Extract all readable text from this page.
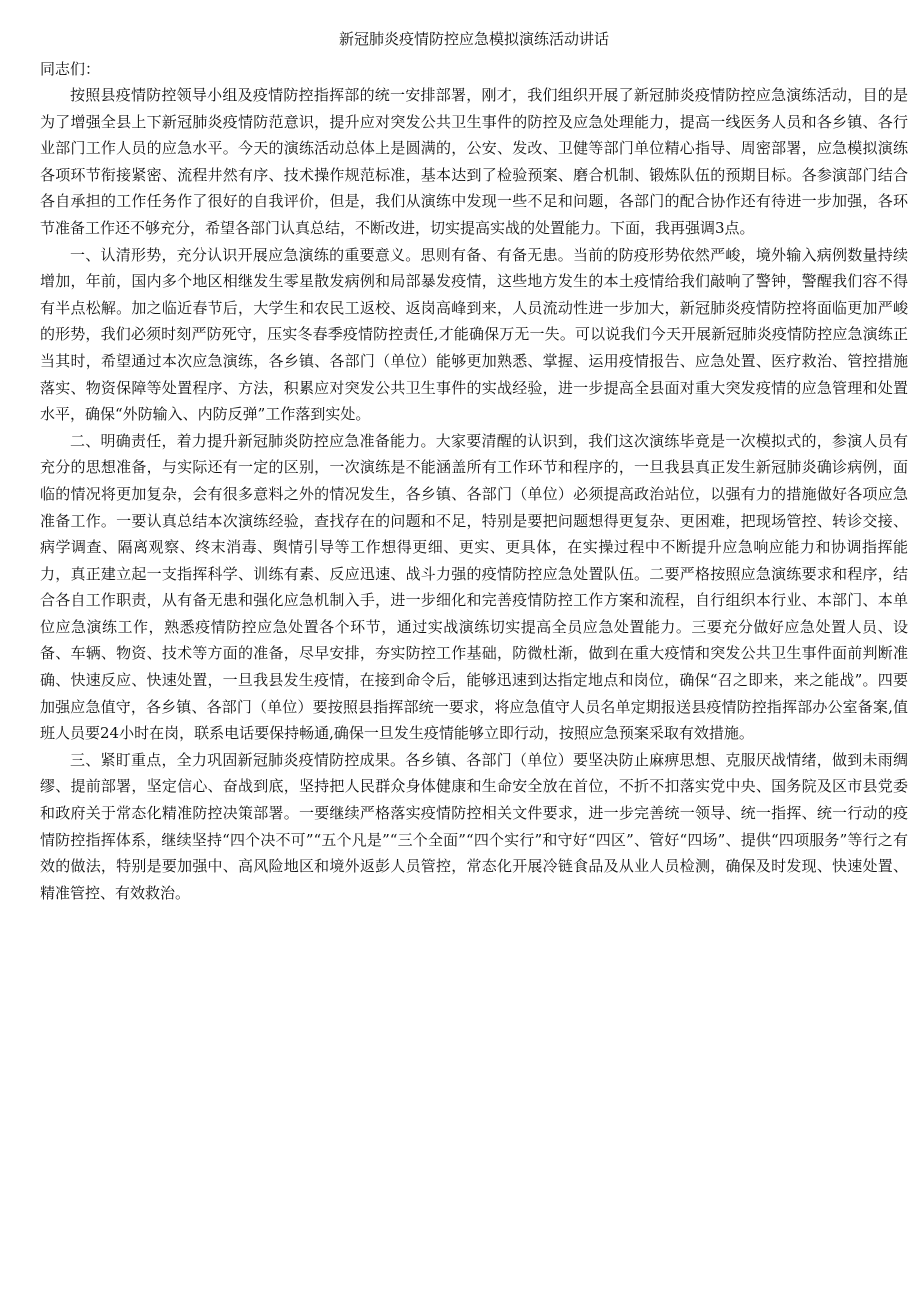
新冠肺炎疫情防控应急模拟演练活动讲话

同志们：

按照县疫情防控领导小组及疫情防控指挥部的统一安排部署，刚才，我们组织开展了新冠肺炎疫情防控应急演练活动，目的是为了增强全县上下新冠肺炎疫情防范意识，提升应对突发公共卫生事件的防控及应急处理能力，提高一线医务人员和各乡镇、各行业部门工作人员的应急水平。今天的演练活动总体上是圆满的，公安、发改、卫健等部门单位精心指导、周密部署，应急模拟演练各项环节衔接紧密、流程井然有序、技术操作规范标准，基本达到了检验预案、磨合机制、锻炼队伍的预期目标。各参演部门结合各自承担的工作任务作了很好的自我评价，但是，我们从演练中发现一些不足和问题，各部门的配合协作还有待进一步加强，各环节准备工作还不够充分，希望各部门认真总结，不断改进，切实提高实战的处置能力。下面，我再强调3点。

一、认清形势，充分认识开展应急演练的重要意义。思则有备、有备无患。当前的防疫形势依然严峻，境外输入病例数量持续增加，年前，国内多个地区相继发生零星散发病例和局部暴发疫情，这些地方发生的本土疫情给我们敲响了警钟，警醒我们容不得有半点松解。加之临近春节后，大学生和农民工返校、返岗高峰到来，人员流动性进一步加大，新冠肺炎疫情防控将面临更加严峻的形势，我们必须时刻严防死守，压实冬春季疫情防控责任,才能确保万无一失。可以说我们今天开展新冠肺炎疫情防控应急演练正当其时，希望通过本次应急演练，各乡镇、各部门（单位）能够更加熟悉、掌握、运用疫情报告、应急处置、医疗救治、管控措施落实、物资保障等处置程序、方法，积累应对突发公共卫生事件的实战经验，进一步提高全县面对重大突发疫情的应急管理和处置水平，确保“外防输入、内防反弹”工作落到实处。

二、明确责任，着力提升新冠肺炎防控应急准备能力。大家要清醒的认识到，我们这次演练毕竟是一次模拟式的，参演人员有充分的思想准备，与实际还有一定的区别，一次演练是不能涵盖所有工作环节和程序的，一旦我县真正发生新冠肺炎确诊病例，面临的情况将更加复杂，会有很多意料之外的情况发生，各乡镇、各部门（单位）必须提高政治站位，以强有力的措施做好各项应急准备工作。一要认真总结本次演练经验，查找存在的问题和不足，特别是要把问题想得更复杂、更困难，把现场管控、转诊交接、病学调查、隔离观察、终末消毒、舆情引导等工作想得更细、更实、更具体，在实操过程中不断提升应急响应能力和协调指挥能力，真正建立起一支指挥科学、训练有素、反应迅速、战斗力强的疫情防控应急处置队伍。二要严格按照应急演练要求和程序，结合各自工作职责，从有备无患和强化应急机制入手，进一步细化和完善疫情防控工作方案和流程，自行组织本行业、本部门、本单位应急演练工作，熟悉疫情防控应急处置各个环节，通过实战演练切实提高全员应急处置能力。三要充分做好应急处置人员、设备、车辆、物资、技术等方面的准备，尽早安排，夯实防控工作基础，防微杜渐，做到在重大疫情和突发公共卫生事件面前判断准确、快速反应、快速处置，一旦我县发生疫情，在接到命令后，能够迅速到达指定地点和岗位，确保“召之即来，来之能战”。四要加强应急值守，各乡镇、各部门（单位）要按照县指挥部统一要求，将应急值守人员名单定期报送县疫情防控指挥部办公室备案,值班人员要24小时在岗，联系电话要保持畅通,确保一旦发生疫情能够立即行动，按照应急预案采取有效措施。

三、紧盯重点，全力巩固新冠肺炎疫情防控成果。各乡镇、各部门（单位）要坚决防止麻痹思想、克服厌战情绪，做到未雨绸缪、提前部署，坚定信心、奋战到底，坚持把人民群众身体健康和生命安全放在首位，不折不扣落实党中央、国务院及区市县党委和政府关于常态化精准防控决策部署。一要继续严格落实疫情防控相关文件要求，进一步完善统一领导、统一指挥、统一行动的疫情防控指挥体系，继续坚持“四个决不可”“五个凡是”“三个全面”“四个实行”和守好“四区”、管好“四场”、提供“四项服务”等行之有效的做法，特别是要加强中、高风险地区和境外返彭人员管控，常态化开展冷链食品及从业人员检测，确保及时发现、快速处置、精准管控、有效救治。
